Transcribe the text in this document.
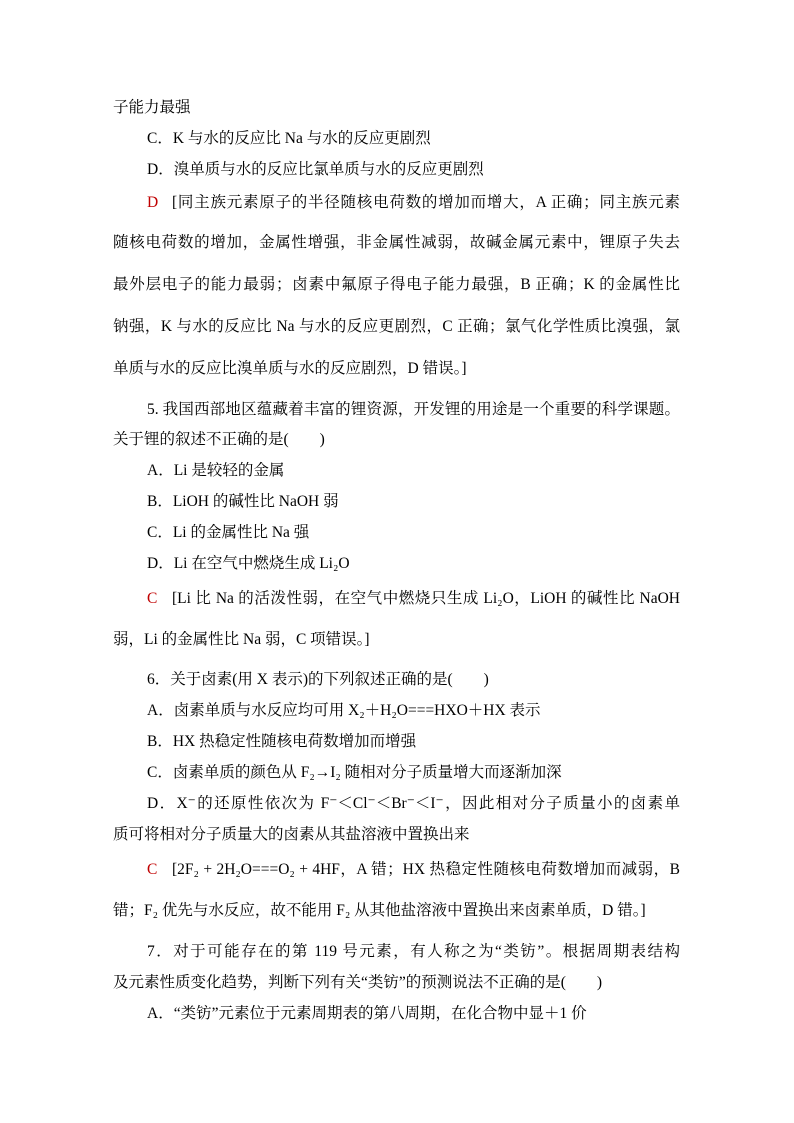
子能力最强
C．K 与水的反应比 Na 与水的反应更剧烈
D．溴单质与水的反应比氯单质与水的反应更剧烈
D [同主族元素原子的半径随核电荷数的增加而增大，A 正确；同主族元素
随核电荷数的增加，金属性增强，非金属性减弱，故碱金属元素中，锂原子失去
最外层电子的能力最弱；卤素中氟原子得电子能力最强，B 正确；K 的金属性比
钠强，K 与水的反应比 Na 与水的反应更剧烈，C 正确；氯气化学性质比溴强，氯
单质与水的反应比溴单质与水的反应剧烈，D 错误。]
5. 我国西部地区蕴藏着丰富的锂资源，开发锂的用途是一个重要的科学课题。
关于锂的叙述不正确的是(　　)
A．Li 是较轻的金属
B．LiOH 的碱性比 NaOH 弱
C．Li 的金属性比 Na 强
D．Li 在空气中燃烧生成 Li₂O
C [Li 比 Na 的活泼性弱，在空气中燃烧只生成 Li₂O，LiOH 的碱性比 NaOH
弱，Li 的金属性比 Na 弱，C 项错误。]
6．关于卤素(用 X 表示)的下列叙述正确的是(　　)
A．卤素单质与水反应均可用 X₂＋H₂O===HXO＋HX 表示
B．HX 热稳定性随核电荷数增加而增强
C．卤素单质的颜色从 F₂→I₂ 随相对分子质量增大而逐渐加深
D．X⁻的还原性依次为 F⁻＜Cl⁻＜Br⁻＜I⁻，因此相对分子质量小的卤素单
质可将相对分子质量大的卤素从其盐溶液中置换出来
C [2F₂ + 2H₂O===O₂ + 4HF，A 错；HX 热稳定性随核电荷数增加而减弱，B
错；F₂ 优先与水反应，故不能用 F₂ 从其他盐溶液中置换出来卤素单质，D 错。]
7．对于可能存在的第 119 号元素，有人称之为“类钫”。根据周期表结构
及元素性质变化趋势，判断下列有关“类钫”的预测说法不正确的是(　　)
A．“类钫”元素位于元素周期表的第八周期，在化合物中显＋1 价
